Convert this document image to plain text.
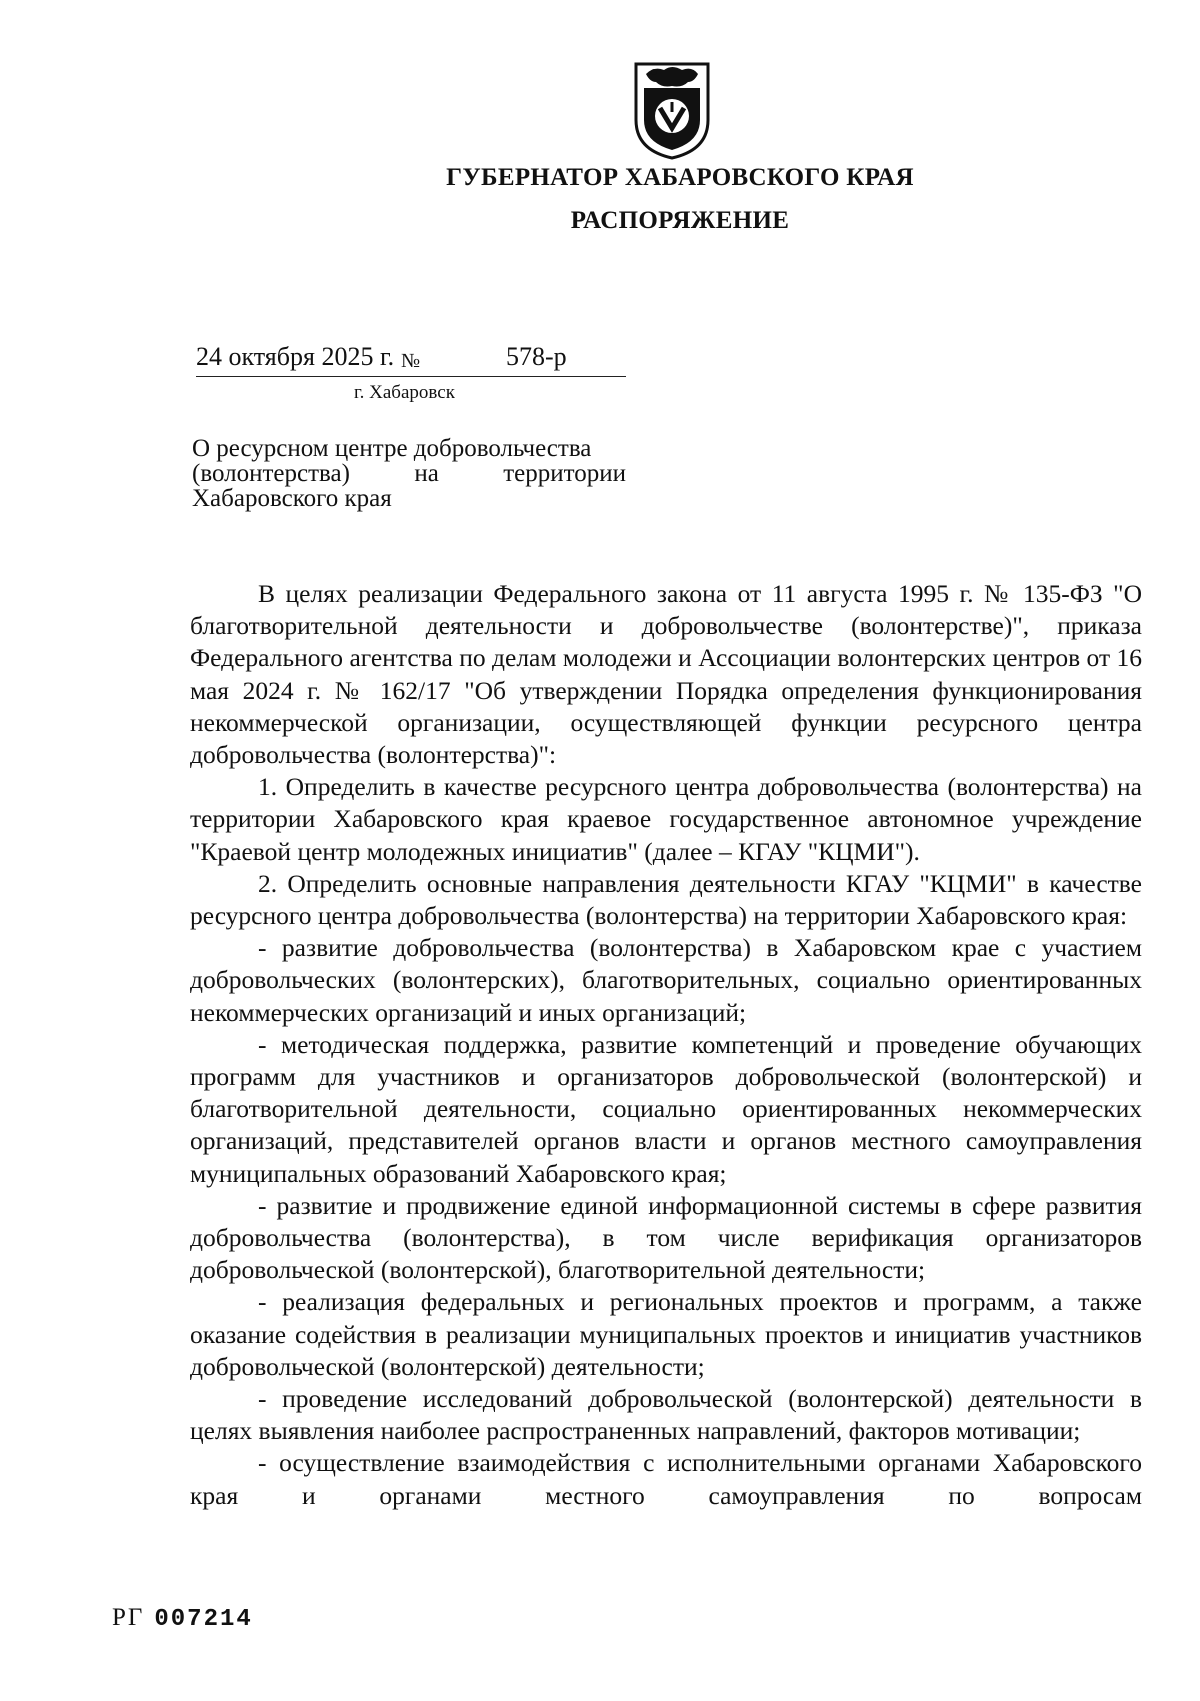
ГУБЕРНАТОР ХАБАРОВСКОГО КРАЯ
РАСПОРЯЖЕНИЕ
24 октября 2025 г. №	578-р
г. Хабаровск
О ресурсном центре добровольчества
(волонтерства)	на	территории
Хабаровского края

В целях реализации Федерального закона от 11 августа 1995 г. № 135-ФЗ "О благотворительной деятельности и добровольчестве (волонтерстве)", приказа Федерального агентства по делам молодежи и Ассоциации волонтерских центров от 16 мая 2024 г. № 162/17 "Об утверждении Порядка определения функционирования некоммерческой организации, осуществляющей функции ресурсного центра добровольчества (волонтерства)":

1. Определить в качестве ресурсного центра добровольчества (волонтерства) на территории Хабаровского края краевое государственное автономное учреждение "Краевой центр молодежных инициатив" (далее – КГАУ "КЦМИ").

2. Определить основные направления деятельности КГАУ "КЦМИ" в качестве ресурсного центра добровольчества (волонтерства) на территории Хабаровского края:

- развитие добровольчества (волонтерства) в Хабаровском крае с участием добровольческих (волонтерских), благотворительных, социально ориентированных некоммерческих организаций и иных организаций;

- методическая поддержка, развитие компетенций и проведение обучающих программ для участников и организаторов добровольческой (волонтерской) и благотворительной деятельности, социально ориентированных некоммерческих организаций, представителей органов власти и органов местного самоуправления муниципальных образований Хабаровского края;

- развитие и продвижение единой информационной системы в сфере развития добровольчества (волонтерства), в том числе верификация организаторов добровольческой (волонтерской), благотворительной деятельности;

- реализация федеральных и региональных проектов и программ, а также оказание содействия в реализации муниципальных проектов и инициатив участников добровольческой (волонтерской) деятельности;

- проведение исследований добровольческой (волонтерской) деятельности в целях выявления наиболее распространенных направлений, факторов мотивации;

- осуществление взаимодействия с исполнительными органами Хабаровского края и органами местного самоуправления по вопросам

РГ 007214
